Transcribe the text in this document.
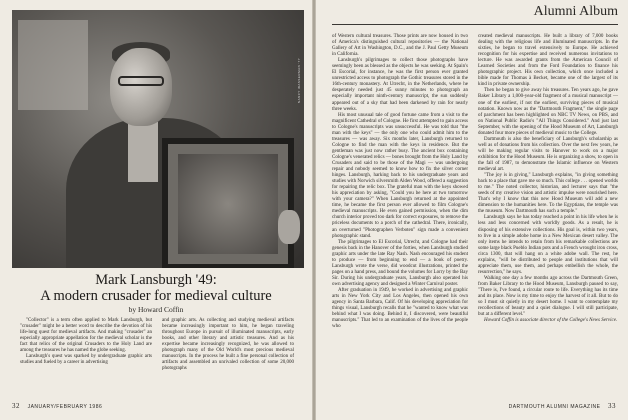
NANCY WASSERMAN '77
Mark Lansburgh '49:
A modern crusader for medieval culture
by Howard Coffin

"Collector" is a term often applied to Mark Lansburgh, but "crusader" might be a better word to describe the devotion of his life-long quest for medieval artifacts. And making "crusader" an especially appropriate appellation for the medieval scholar is the fact that relics of the original Crusaders to the Holy Land are among the treasures he has named the globe seeking.

Lansburgh's quest was sparked by undergraduate graphic arts studies and fueled by a career in advertising

and graphic arts. As collecting and studying medieval artifacts became increasingly important to him, he began traveling throughout Europe in pursuit of illuminated manuscripts, early books, and other literary and artistic treasures. And as his expertise became increasingly recognized, he was allowed to photograph many of the Old World's most precious medieval manuscripts. In the process he built a fine personal collection of artifacts and assembled an unrivaled collection of some 20,000 photographs

32 JANUARY/FEBRUARY 1986
Alumni Album

of Western cultural treasures. Those prints are now housed in two of America's distinguished cultural repositories — the National Gallery of Art in Washington, D.C., and the J. Paul Getty Museum in California.

Lansburgh's pilgrimages to collect those photographs have seemingly been as blessed as the objects he was seeking. At Spain's El Escorial, for instance, he was the first person ever granted unrestricted access to photograph the Gothic treasures stored in the 16th-century monastery. At Utrecht, in the Netherlands, where he desperately needed just 45 sunny minutes to photograph an especially important ninth-century manuscript, the sun suddenly appeared out of a sky that had been darkened by rain for nearly three weeks.

His most unusual tale of good fortune came from a visit to the magnificent Cathedral of Cologne. He first attempted to gain access to Cologne's manuscripts was unsuccessful. He was told that "the man with the keys" — the only one who could admit him to the treasures — was away. Six months later, Lansburgh returned to Cologne to find the man with the keys in residence. But the gentleman was just now rather busy. The ancient box containing Cologne's venerated relics — bones brought from the Holy Land by Crusaders and said to be those of the Magi — was undergoing repair and nobody seemed to know how to fix the silver corner hinges. Lansburgh, harking back to his undergraduate years and studies with Norwich silversmith Alden Wood, offered a suggestion for repairing the relic box. The grateful man with the keys showed his appreciation by asking, "Could you be here at two tomorrow with your camera?" When Lansburgh returned at the appointed time, he became the first person ever allowed to film Cologne's medieval manuscripts. He even gained permission, when the dim church interior proved too dark for correct exposures, to remove the priceless documents to a porch of the cathedral. There, ironically, an overturned "Photographen Verboten" sign made a convenient photographic stand.

The pilgrimages to El Escorial, Utrecht, and Cologne had their genesis back in the Hanover of the forties, when Lansburgh studied graphic arts under the late Ray Nash. Nash encouraged his student to produce — from beginning to end — a book of poetry. Lansburgh wrote the verse, did woodcut illustrations, printed the pages on a hand press, and bound the volumes for Lorry by the Bay Sir. During his undergraduate years, Lansburgh also operated his own advertising agency and designed a Winter Carnival poster.

After graduation in 1949, he worked in advertising and graphic arts in New York City and Los Angeles, then opened his own agency in Santa Barbara, Calif. Of his developing appreciation for things visual, Lansburgh recalls that he "wanted to know what was behind what I was doing. Behind it, I discovered, were beautiful manuscripts." That led to an examination of the lives of the people who

created medieval manuscripts. He built a library of 7,000 books dealing with the religious life and illuminated manuscripts. In the sixties, he began to travel extensively to Europe. He achieved recognition for his expertise and received numerous invitations to lecture. He was awarded grants from the American Council of Learned Societies and from the Ford Foundation to finance his photographic project. His own collection, which once included a bible made for Thomas à Becket, became one of the largest of its kind in private ownership.

Then he began to give away his treasures. Ten years ago, he gave Baker Library a 1,000-year-old fragment of a musical manuscript — one of the earliest, if not the earliest, surviving pieces of musical notation. Known now as the "Dartmouth Fragment," the single page of parchment has been highlighted on NBC TV News, on PBS, and on National Public Radio's "All Things Considered." And just last September, with the opening of the Hood Museum of Art, Lansburgh donated four more pieces of medieval music to the College.

Dartmouth is also the beneficiary of Lansburgh's scholarship as well as of donations from his collection. Over the next few years, he will be making regular visits to Hanover to work on a major exhibition for the Hood Museum. He is organizing a show, to open in the fall of 1987, to demonstrate the Islamic influence on Western medieval art.

"The joy is in giving," Lansburgh explains, "in giving something back to a place that gave me so much. This college . . . opened worlds to me." The noted collector, historian, and lecturer says that "the seeds of my creative vision and artistic impulse were nourished here. That's why I know that this new Hood Museum will add a new dimension to the humanities here. To the Egyptians, the temple was the museum. Now Dartmouth has such a temple."

Lansburgh says he has today reached a point in his life when he is less and less concerned with worldly goods. As a result, he is disposing of his extensive collections. His goal is, within two years, to live in a simple adobe home in a New Mexican desert valley. The only items he intends to retain from his remarkable collections are some large black Pueblo Indian pots and a French wrought iron cross, circa 1300, that will hang on a white adobe wall. The rest, he explains, "will be distributed to people and institutions that will appreciate them, use them, and perhaps embellish the whole, the resurrection," he says.

Walking one day a few months ago across the Dartmouth Green, from Baker Library to the Hood Museum, Lansburgh paused to say, "There is, I've found, a circular route to life. Everything has its time and its place. Now is my time to enjoy the harvest of it all. But to do so I must sit quietly in my desert home. I want to contemplate my recollections of beauty and a quiet dialogue. I will still participate, but at a different level."

Howard Coffin is associate director of the College's News Service.

DARTMOUTH ALUMNI MAGAZINE 33
